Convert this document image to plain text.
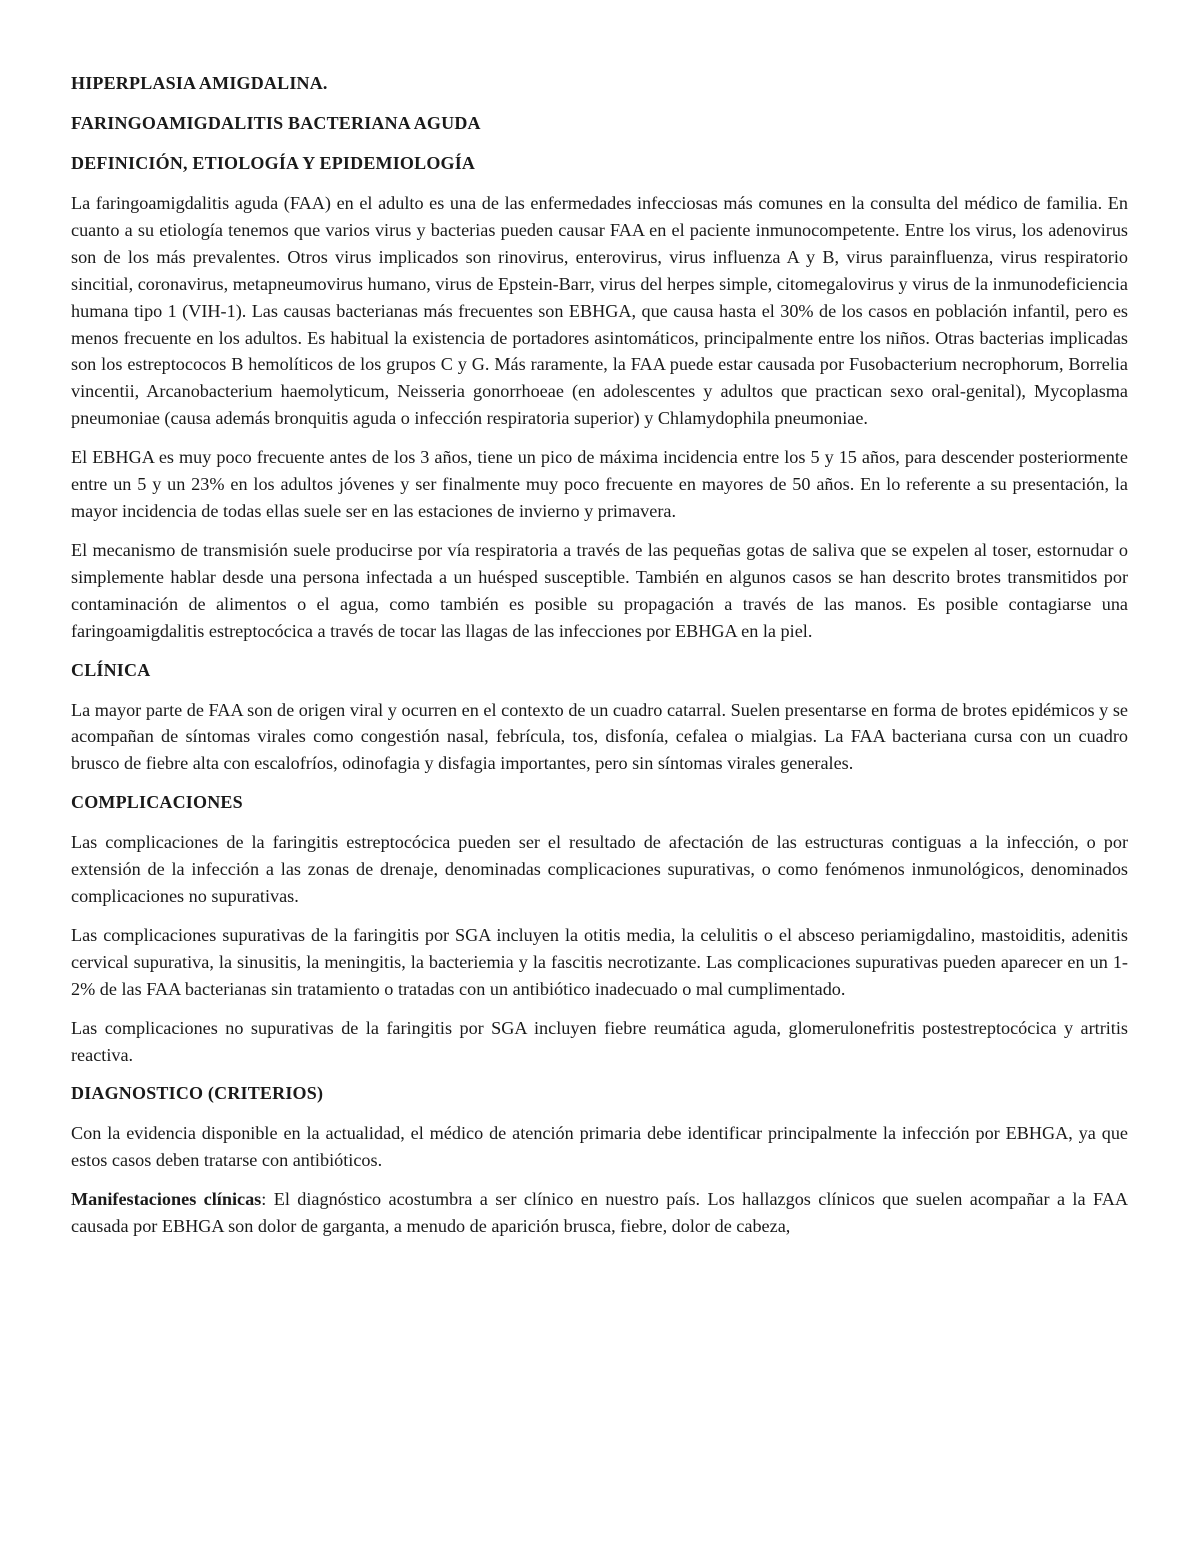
HIPERPLASIA AMIGDALINA.
FARINGOAMIGDALITIS BACTERIANA AGUDA
DEFINICIÓN, ETIOLOGÍA Y EPIDEMIOLOGÍA

La faringoamigdalitis aguda (FAA) en el adulto es una de las enfermedades infecciosas más comunes en la consulta del médico de familia. En cuanto a su etiología tenemos que varios virus y bacterias pueden causar FAA en el paciente inmunocompetente. Entre los virus, los adenovirus son de los más prevalentes. Otros virus implicados son rinovirus, enterovirus, virus influenza A y B, virus parainfluenza, virus respiratorio sincitial, coronavirus, metapneumovirus humano, virus de Epstein-Barr, virus del herpes simple, citomegalovirus y virus de la inmunodeficiencia humana tipo 1 (VIH-1). Las causas bacterianas más frecuentes son EBHGA, que causa hasta el 30% de los casos en población infantil, pero es menos frecuente en los adultos. Es habitual la existencia de portadores asintomáticos, principalmente entre los niños. Otras bacterias implicadas son los estreptococos B hemolíticos de los grupos C y G. Más raramente, la FAA puede estar causada por Fusobacterium necrophorum, Borrelia vincentii, Arcanobacterium haemolyticum, Neisseria gonorrhoeae (en adolescentes y adultos que practican sexo oral-genital), Mycoplasma pneumoniae (causa además bronquitis aguda o infección respiratoria superior) y Chlamydophila pneumoniae.

El EBHGA es muy poco frecuente antes de los 3 años, tiene un pico de máxima incidencia entre los 5 y 15 años, para descender posteriormente entre un 5 y un 23% en los adultos jóvenes y ser finalmente muy poco frecuente en mayores de 50 años. En lo referente a su presentación, la mayor incidencia de todas ellas suele ser en las estaciones de invierno y primavera.

El mecanismo de transmisión suele producirse por vía respiratoria a través de las pequeñas gotas de saliva que se expelen al toser, estornudar o simplemente hablar desde una persona infectada a un huésped susceptible. También en algunos casos se han descrito brotes transmitidos por contaminación de alimentos o el agua, como también es posible su propagación a través de las manos. Es posible contagiarse una faringoamigdalitis estreptocócica a través de tocar las llagas de las infecciones por EBHGA en la piel.

CLÍNICA

La mayor parte de FAA son de origen viral y ocurren en el contexto de un cuadro catarral. Suelen presentarse en forma de brotes epidémicos y se acompañan de síntomas virales como congestión nasal, febrícula, tos, disfonía, cefalea o mialgias. La FAA bacteriana cursa con un cuadro brusco de fiebre alta con escalofríos, odinofagia y disfagia importantes, pero sin síntomas virales generales.

COMPLICACIONES

Las complicaciones de la faringitis estreptocócica pueden ser el resultado de afectación de las estructuras contiguas a la infección, o por extensión de la infección a las zonas de drenaje, denominadas complicaciones supurativas, o como fenómenos inmunológicos, denominados complicaciones no supurativas.

Las complicaciones supurativas de la faringitis por SGA incluyen la otitis media, la celulitis o el absceso periamigdalino, mastoiditis, adenitis cervical supurativa, la sinusitis, la meningitis, la bacteriemia y la fascitis necrotizante. Las complicaciones supurativas pueden aparecer en un 1-2% de las FAA bacterianas sin tratamiento o tratadas con un antibiótico inadecuado o mal cumplimentado.

Las complicaciones no supurativas de la faringitis por SGA incluyen fiebre reumática aguda, glomerulonefritis postestreptocócica y artritis reactiva.

DIAGNOSTICO (CRITERIOS)

Con la evidencia disponible en la actualidad, el médico de atención primaria debe identificar principalmente la infección por EBHGA, ya que estos casos deben tratarse con antibióticos.

Manifestaciones clínicas: El diagnóstico acostumbra a ser clínico en nuestro país. Los hallazgos clínicos que suelen acompañar a la FAA causada por EBHGA son dolor de garganta, a menudo de aparición brusca, fiebre, dolor de cabeza,
